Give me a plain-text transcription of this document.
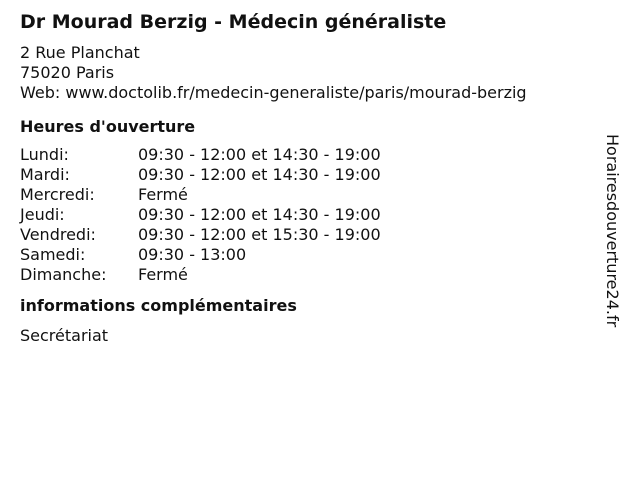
Dr Mourad Berzig - Médecin généraliste
2 Rue Planchat
75020 Paris
Web: www.doctolib.fr/medecin-generaliste/paris/mourad-berzig
Heures d'ouverture
Lundi:	09:30 - 12:00 et 14:30 - 19:00
Mardi:	09:30 - 12:00 et 14:30 - 19:00
Mercredi:	Fermé
Jeudi:	09:30 - 12:00 et 14:30 - 19:00
Vendredi:	09:30 - 12:00 et 15:30 - 19:00
Samedi:	09:30 - 13:00
Dimanche:	Fermé
informations complémentaires
Secrétariat
Horairesdouverture24.fr
